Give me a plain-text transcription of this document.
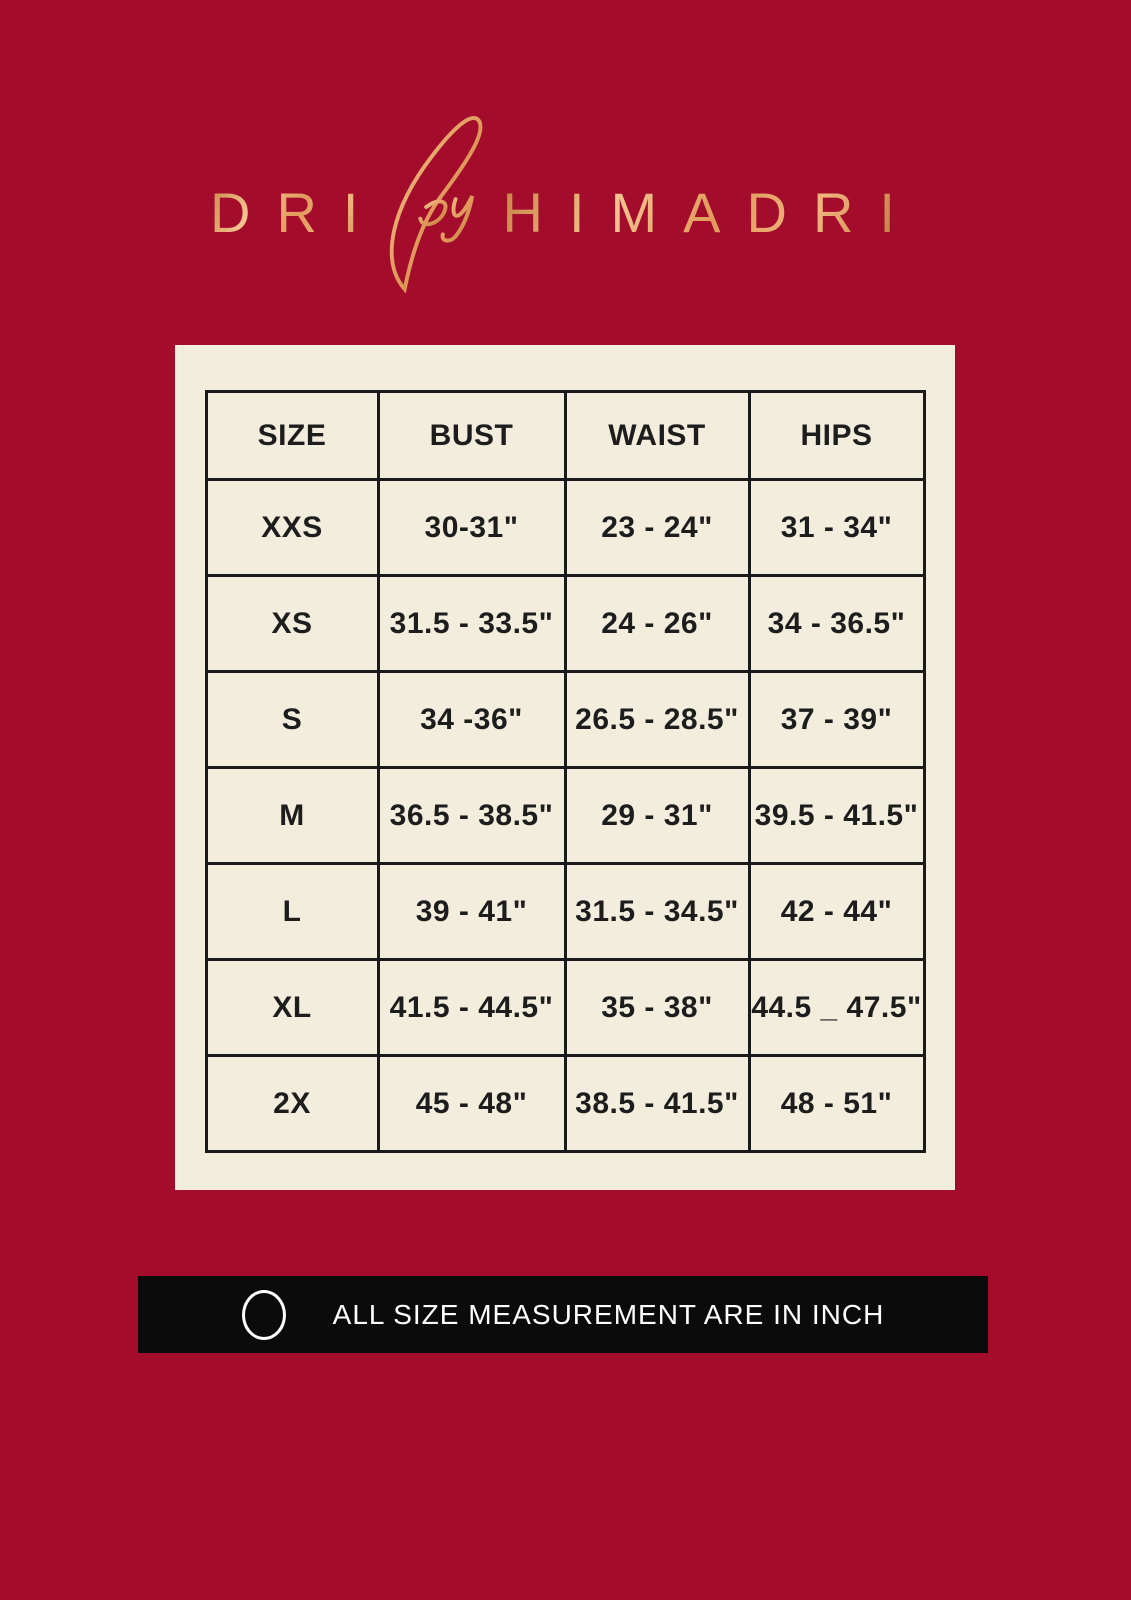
DRI HIMADRI
SIZE	BUST	WAIST	HIPS
XXS	30-31"	23 - 24"	31 - 34"
XS	31.5 - 33.5"	24 - 26"	34 - 36.5"
S	34 -36"	26.5 - 28.5"	37 - 39"
M	36.5 - 38.5"	29 - 31"	39.5 - 41.5"
L	39 - 41"	31.5 - 34.5"	42 - 44"
XL	41.5 - 44.5"	35 - 38"	44.5 _ 47.5"
2X	45 - 48"	38.5 - 41.5"	48 - 51"
ALL SIZE MEASUREMENT ARE IN INCH
